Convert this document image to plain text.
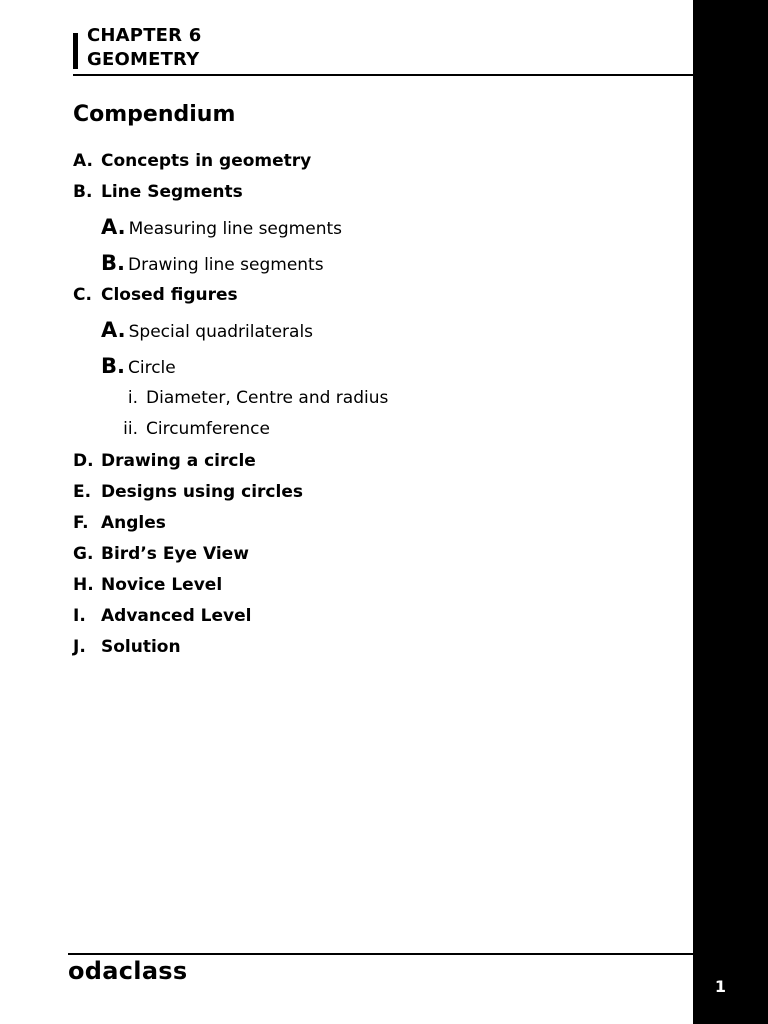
1
CHAPTER 6
GEOMETRY
Compendium
A. Concepts in geometry
B. Line Segments
A. Measuring line segments
B. Drawing line segments
C. Closed figures
A. Special quadrilaterals
B. Circle
i. Diameter, Centre and radius
ii. Circumference
D. Drawing a circle
E. Designs using circles
F. Angles
G. Bird’s Eye View
H. Novice Level
I. Advanced Level
J. Solution
odaclass
